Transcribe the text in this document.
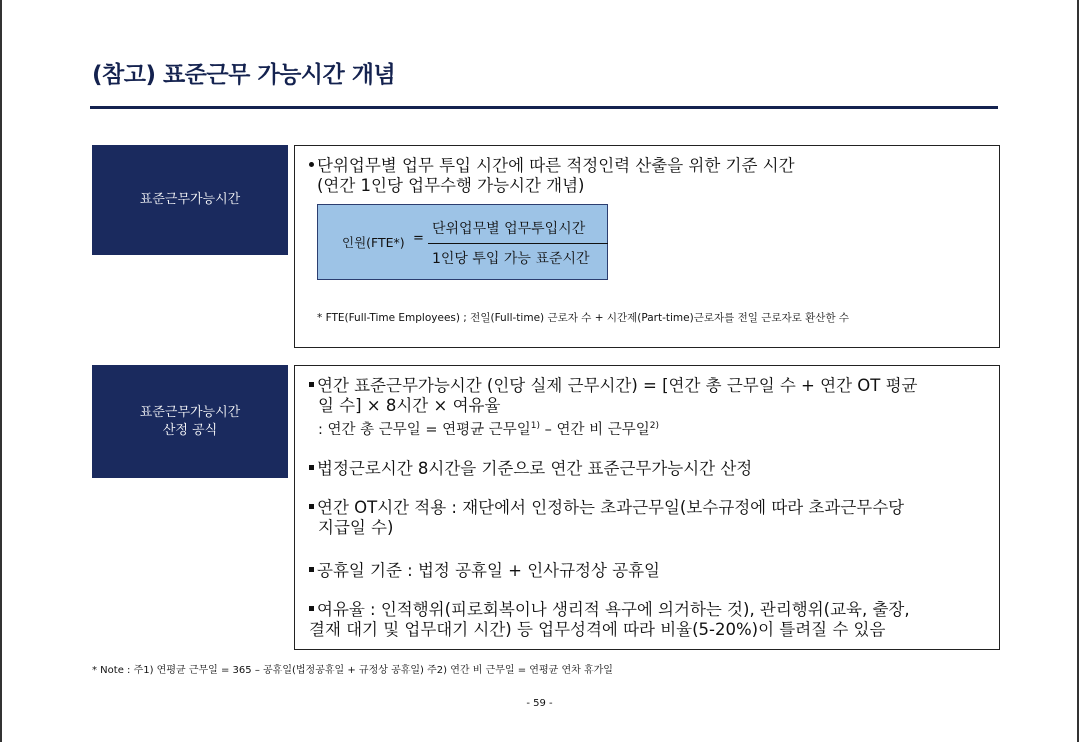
(참고) 표준근무 가능시간 개념
표준근무가능시간
단위업무별 업무 투입 시간에 따른 적정인력 산출을 위한 기준 시간
(연간 1인당 업무수행 가능시간 개념)
인원(FTE*) =
단위업무별 업무투입시간
1인당 투입 가능 표준시간
* FTE(Full-Time Employees) ; 전일(Full-time) 근로자 수 + 시간제(Part-time)근로자를 전일 근로자로 환산한 수
표준근무가능시간
산정 공식
연간 표준근무가능시간 (인당 실제 근무시간) = [연간 총 근무일 수 + 연간 OT 평균
일 수] × 8시간 × 여유율
: 연간 총 근무일 = 연평균 근무일$^{1)}$ – 연간 비 근무일$^{2)}$
법정근로시간 8시간을 기준으로 연간 표준근무가능시간 산정
연간 OT시간 적용 : 재단에서 인정하는 초과근무일(보수규정에 따라 초과근무수당
지급일 수)
공휴일 기준 : 법정 공휴일 + 인사규정상 공휴일
여유율 : 인적행위(피로회복이나 생리적 욕구에 의거하는 것), 관리행위(교육, 출장,
결재 대기 및 업무대기 시간) 등 업무성격에 따라 비율(5-20%)이 틀려질 수 있음
* Note : 주1) 연평균 근무일 = 365 – 공휴일(법정공휴일 + 규정상 공휴일) 주2) 연간 비 근무일 = 연평균 연차 휴가일
- 59 -
